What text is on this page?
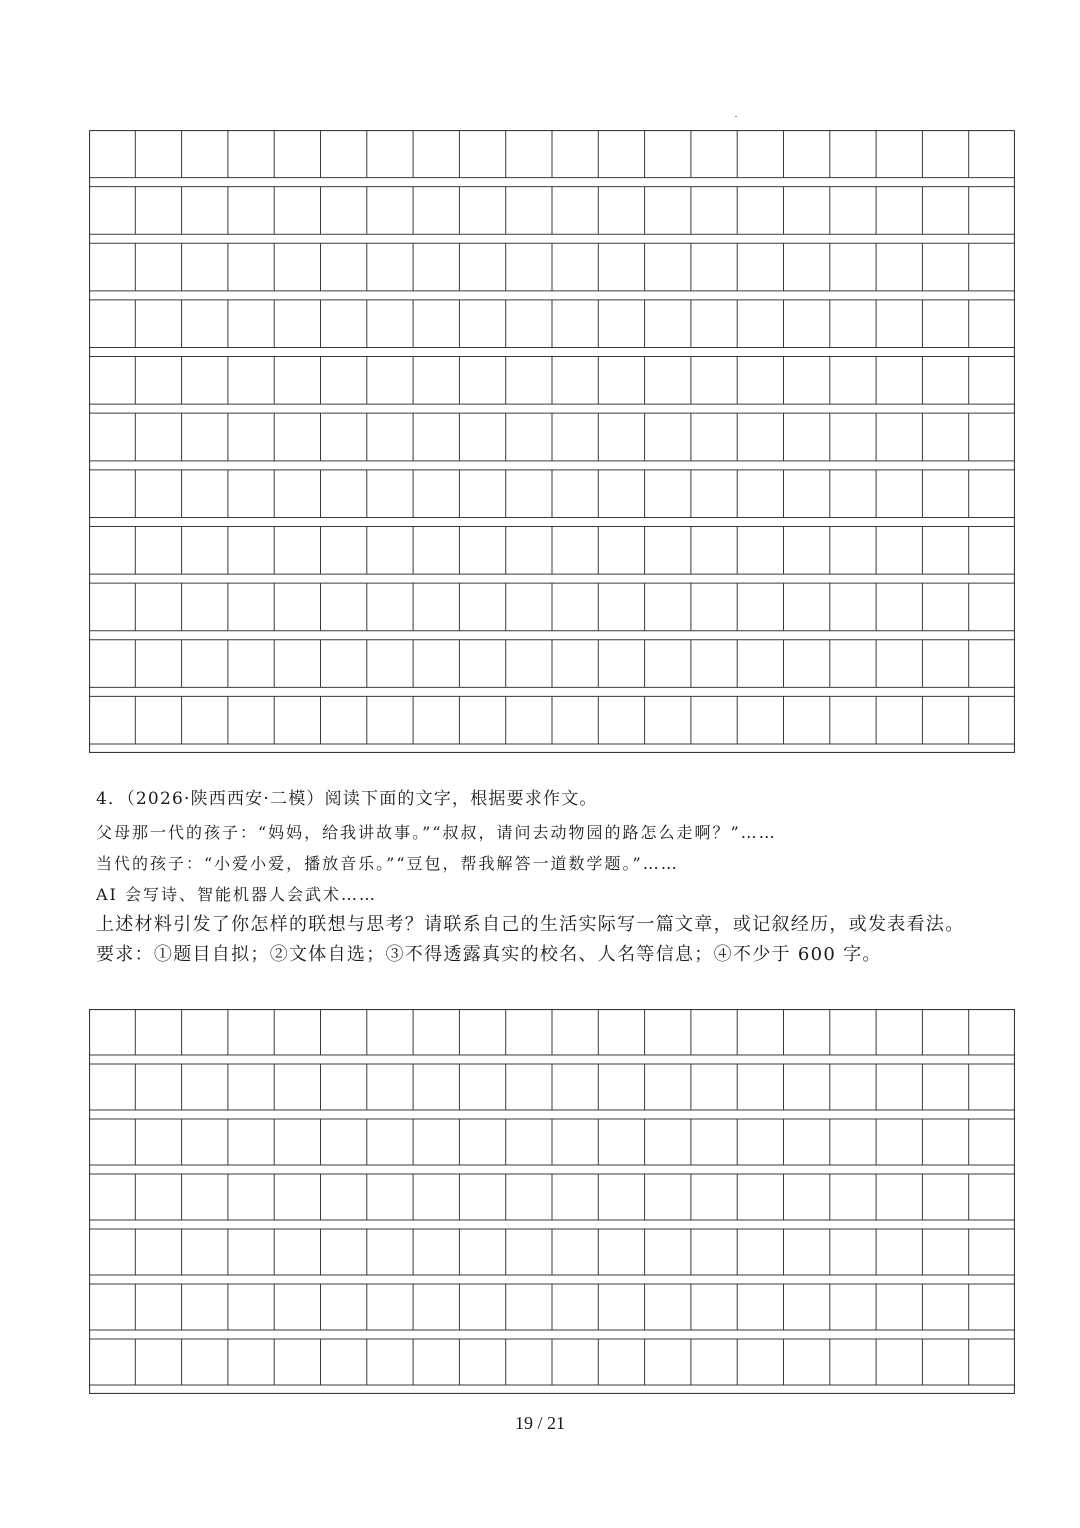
4．（2026·陕西西安·二模）阅读下面的文字，根据要求作文。
父母那一代的孩子：“妈妈，给我讲故事。”“叔叔，请问去动物园的路怎么走啊？”……
当代的孩子：“小爱小爱，播放音乐。”“豆包，帮我解答一道数学题。”……
AI 会写诗、智能机器人会武术……
上述材料引发了你怎样的联想与思考？请联系自己的生活实际写一篇文章，或记叙经历，或发表看法。
要求：①题目自拟；②文体自选；③不得透露真实的校名、人名等信息；④不少于 600 字。
19 / 21
